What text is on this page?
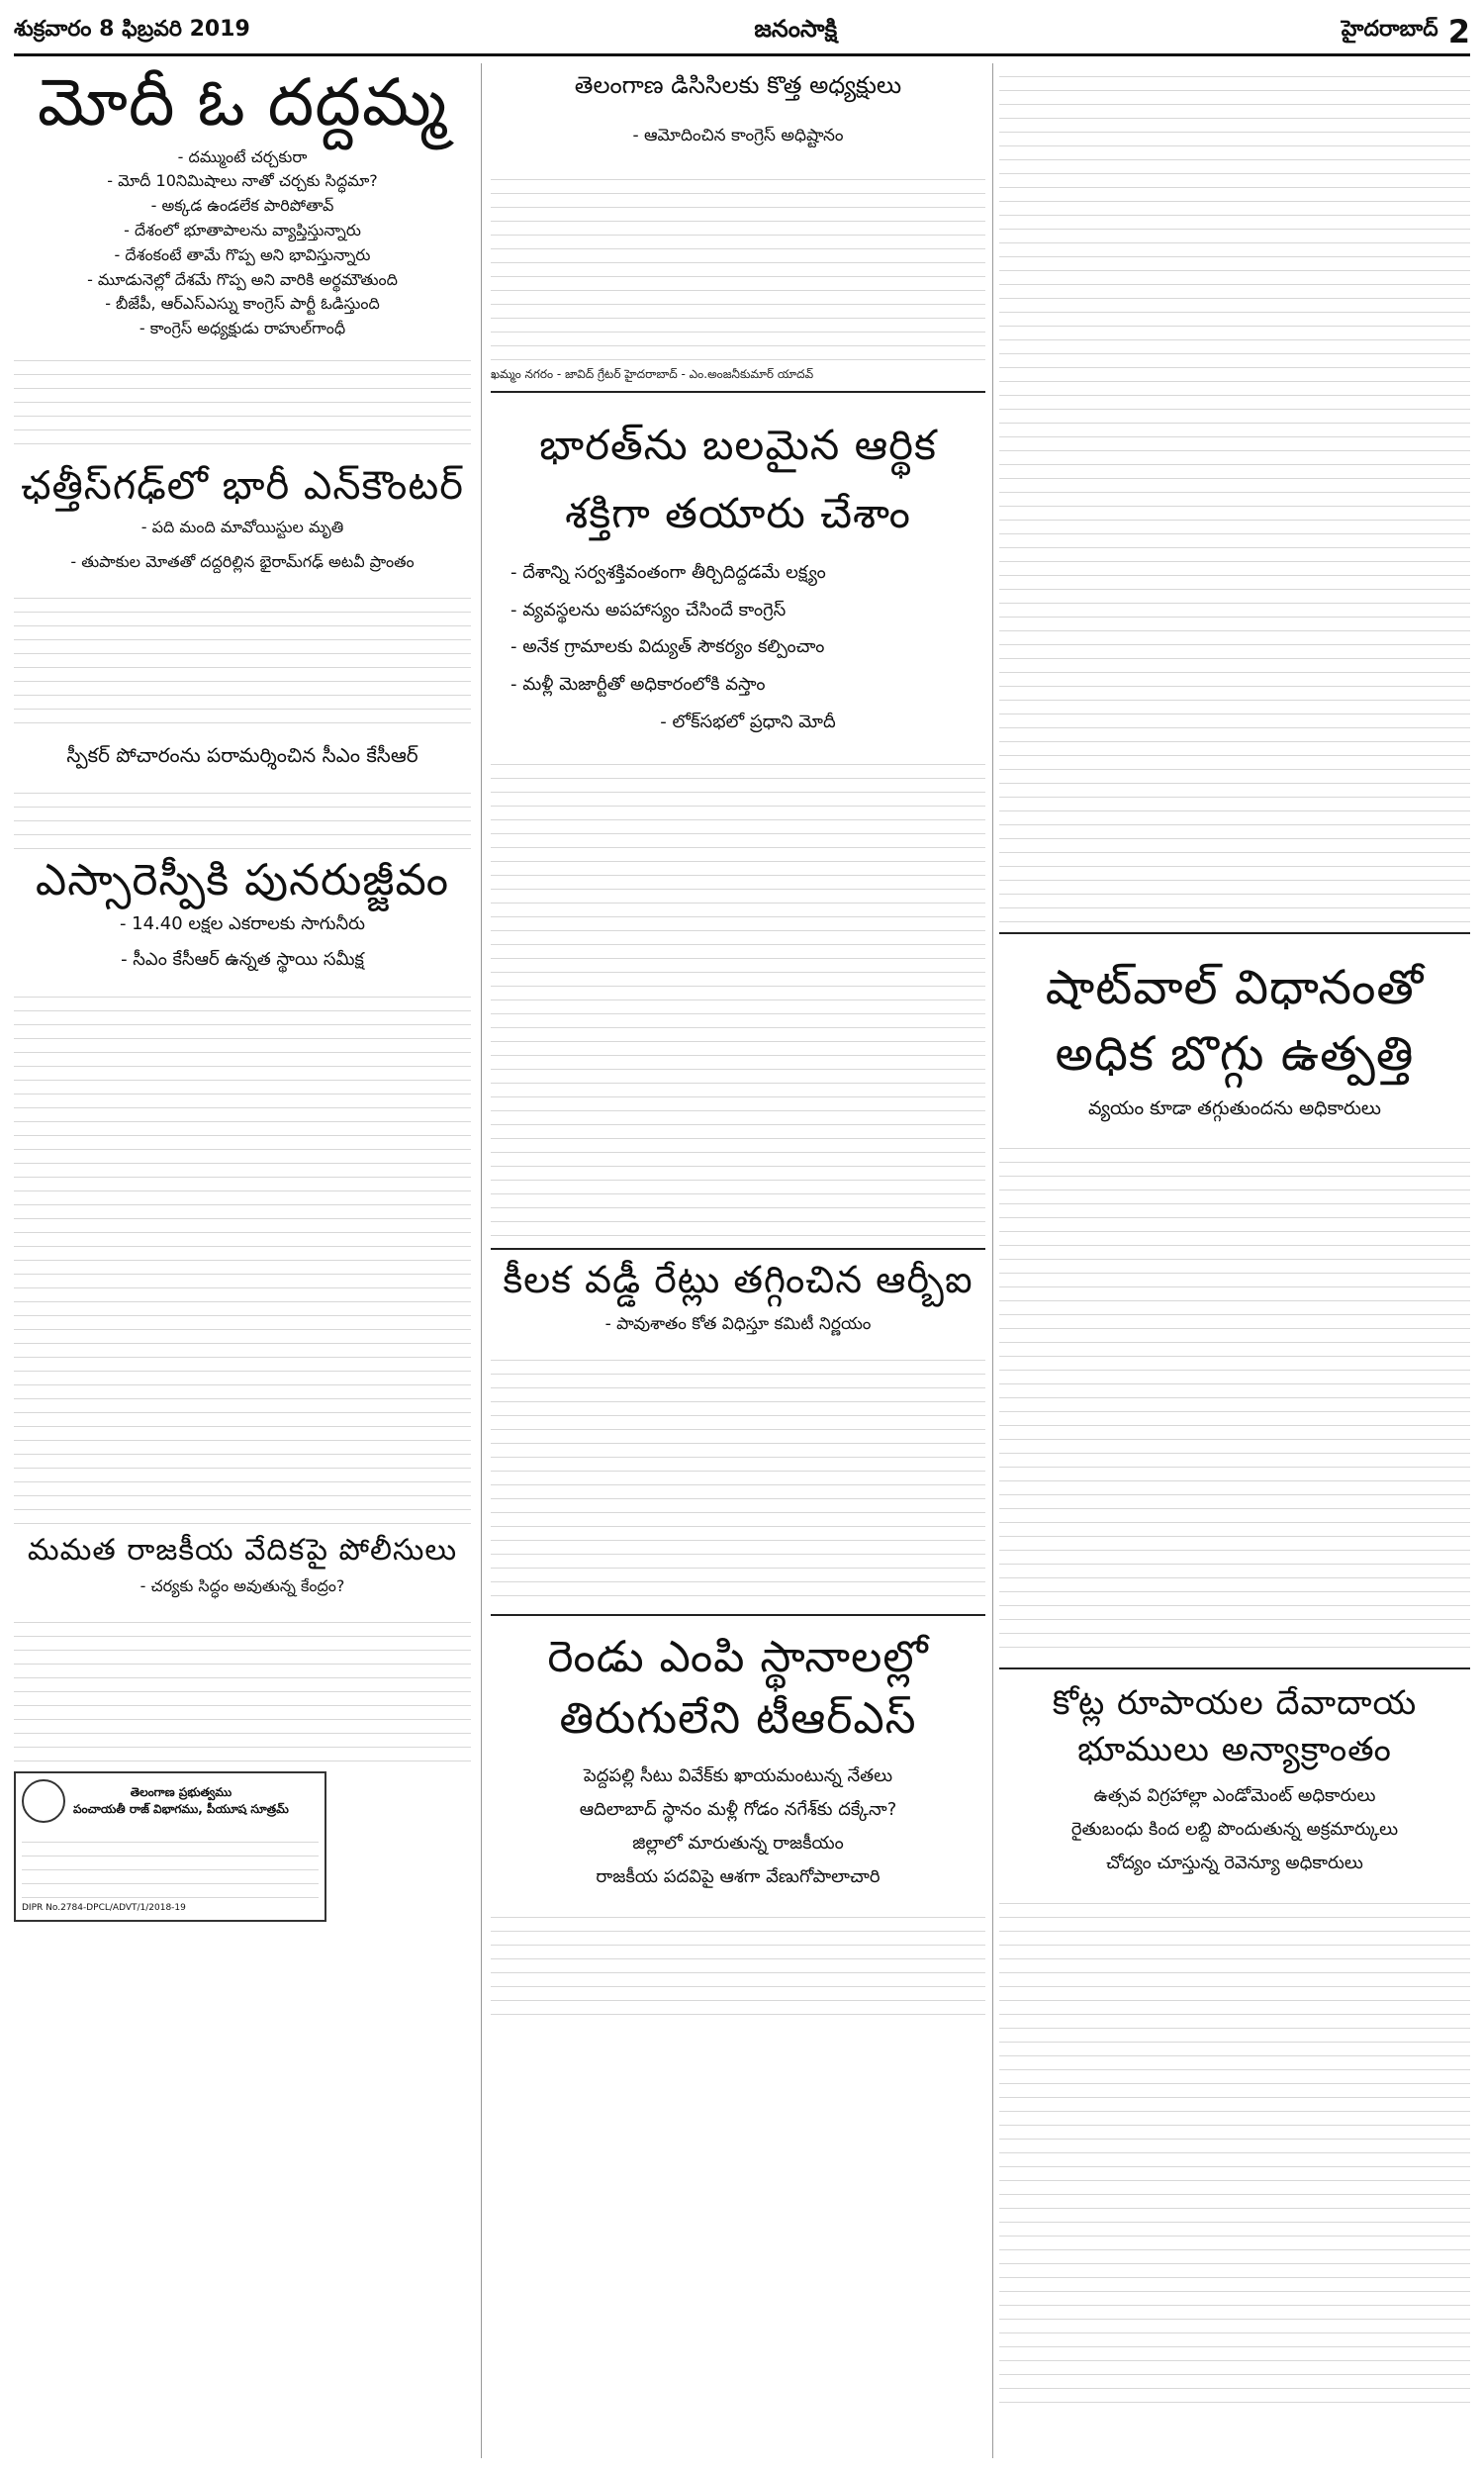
శుక్రవారం 8 ఫిబ్రవరి 2019	జనంసాక్షి	హైదరాబాద్ 2
మోదీ ఓ దద్దమ్మ
- దమ్ముంటే చర్చకురా
- మోదీ 10నిమిషాలు నాతో చర్చకు సిద్ధమా?
- అక్కడ ఉండలేక పారిపోతావ్
- దేశంలో భూతాపాలను వ్యాప్తిస్తున్నారు
- దేశంకంటే తామే గొప్ప అని భావిస్తున్నారు
- మూడునెల్లో దేశమే గొప్ప అని వారికి అర్థమౌతుంది
- బీజేపీ, ఆర్ఎస్ఎస్ను కాంగ్రెస్ పార్టీ ఓడిస్తుంది
- కాంగ్రెస్ అధ్యక్షుడు రాహుల్‌గాంధీ
ఛత్తీస్‌గఢ్‌లో భారీ ఎన్‌కౌంటర్
- పది మంది మావోయిస్టుల మృతి
- తుపాకుల మోతతో దద్దరిల్లిన భైరామ్‌గఢ్ అటవీ ప్రాంతం
స్పీకర్ పోచారంను పరామర్శించిన సీఎం కేసీఆర్
ఎస్సారెస్పీకి పునరుజ్జీవం
- 14.40 లక్షల ఎకరాలకు సాగునీరు
- సీఎం కేసీఆర్ ఉన్నత స్థాయి సమీక్ష
మమత రాజకీయ వేదికపై పోలీసులు
- చర్యకు సిద్ధం అవుతున్న కేంద్రం?
తెలంగాణ ప్రభుత్వము
పంచాయతీ రాజ్ విభాగము, పీయూష సూత్రమ్
DIPR No.2784-DPCL/ADVT/1/2018-19
తెలంగాణ డిసిసిలకు కొత్త అధ్యక్షులు
- ఆమోదించిన కాంగ్రెస్ అధిష్టానం
ఖమ్మం నగరం - జావిద్ గ్రేటర్ హైదరాబాద్ - ఎం.అంజనీకుమార్ యాదవ్
భారత్‌ను బలమైన ఆర్థిక
శక్తిగా తయారు చేశాం
- దేశాన్ని సర్వశక్తివంతంగా తీర్చిదిద్దడమే లక్ష్యం
- వ్యవస్థలను అపహాస్యం చేసిందే కాంగ్రెస్
- అనేక గ్రామాలకు విద్యుత్ సౌకర్యం కల్పించాం
- మళ్లీ మెజార్టీతో అధికారంలోకి వస్తాం
- లోక్‌సభలో ప్రధాని మోదీ
కీలక వడ్డీ రేట్లు తగ్గించిన ఆర్బీఐ
- పావుశాతం కోత విధిస్తూ కమిటీ నిర్ణయం
రెండు ఎంపి స్థానాలల్లో
తిరుగులేని టీఆర్ఎస్
పెద్దపల్లి సీటు వివేక్‌కు ఖాయమంటున్న నేతలు
ఆదిలాబాద్ స్థానం మళ్లీ గోడం నగేశ్‌కు దక్కేనా?
జిల్లాలో మారుతున్న రాజకీయం
రాజకీయ పదవిపై ఆశగా వేణుగోపాలాచారి
షాట్‌వాల్ విధానంతో
అధిక బొగ్గు ఉత్పత్తి
వ్యయం కూడా తగ్గుతుందను అధికారులు
కోట్ల రూపాయల దేవాదాయ
భూములు అన్యాక్రాంతం
ఉత్సవ విగ్రహాల్లా ఎండోమెంట్ అధికారులు
రైతుబంధు కింద లబ్ది పొందుతున్న అక్రమార్కులు
చోద్యం చూస్తున్న రెవెన్యూ అధికారులు
